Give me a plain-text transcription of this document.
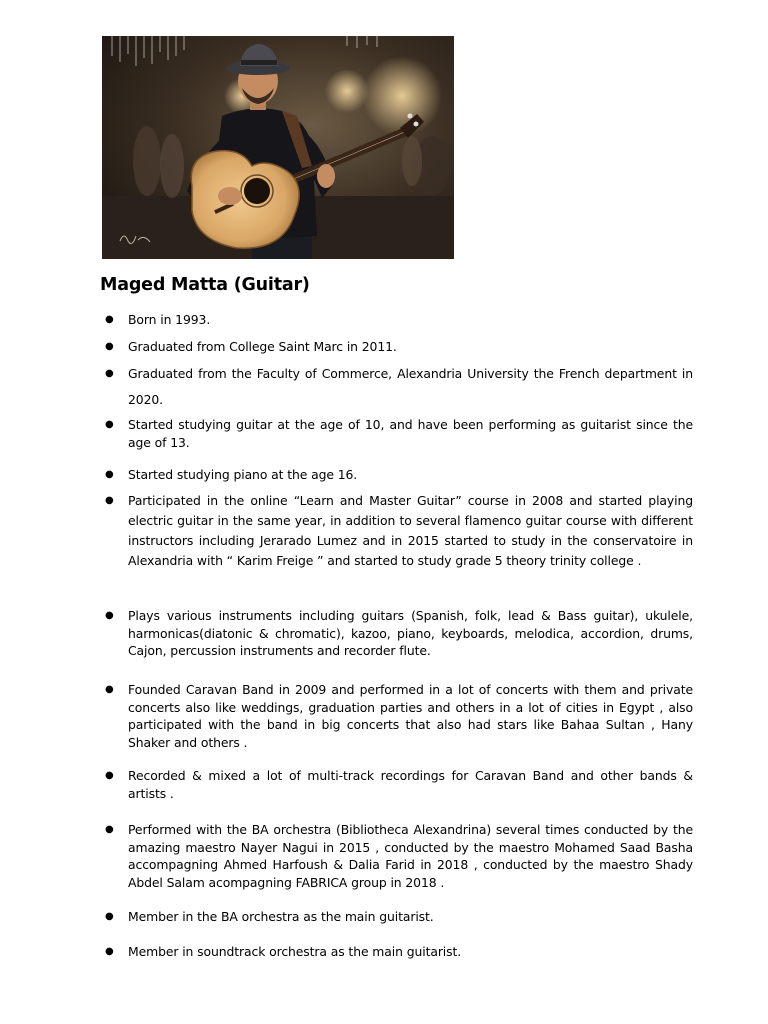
Maged Matta (Guitar)
● Born in 1993.
● Graduated from College Saint Marc in 2011.
● Graduated from the Faculty of Commerce, Alexandria University the French department in 2020.
● Started studying guitar at the age of 10, and have been performing as guitarist since the age of 13.
● Started studying piano at the age 16.
● Participated in the online “Learn and Master Guitar” course in 2008 and started playing electric guitar in the same year, in addition to several flamenco guitar course with different instructors including Jerarado Lumez and in 2015 started to study in the conservatoire in Alexandria with “ Karim Freige ” and started to study grade 5 theory trinity college .
● Plays various instruments including guitars (Spanish, folk, lead & Bass guitar), ukulele, harmonicas(diatonic & chromatic), kazoo, piano, keyboards, melodica, accordion, drums, Cajon, percussion instruments and recorder flute.
● Founded Caravan Band in 2009 and performed in a lot of concerts with them and private concerts also like weddings, graduation parties and others in a lot of cities in Egypt , also participated with the band in big concerts that also had stars like Bahaa Sultan , Hany Shaker and others .
● Recorded & mixed a lot of multi-track recordings for Caravan Band and other bands & artists .
● Performed with the BA orchestra (Bibliotheca Alexandrina) several times conducted by the amazing maestro Nayer Nagui in 2015 , conducted by the maestro Mohamed Saad Basha accompagning Ahmed Harfoush & Dalia Farid in 2018 , conducted by the maestro Shady Abdel Salam acompagning FABRICA group in 2018 .
● Member in the BA orchestra as the main guitarist.
● Member in soundtrack orchestra as the main guitarist.
